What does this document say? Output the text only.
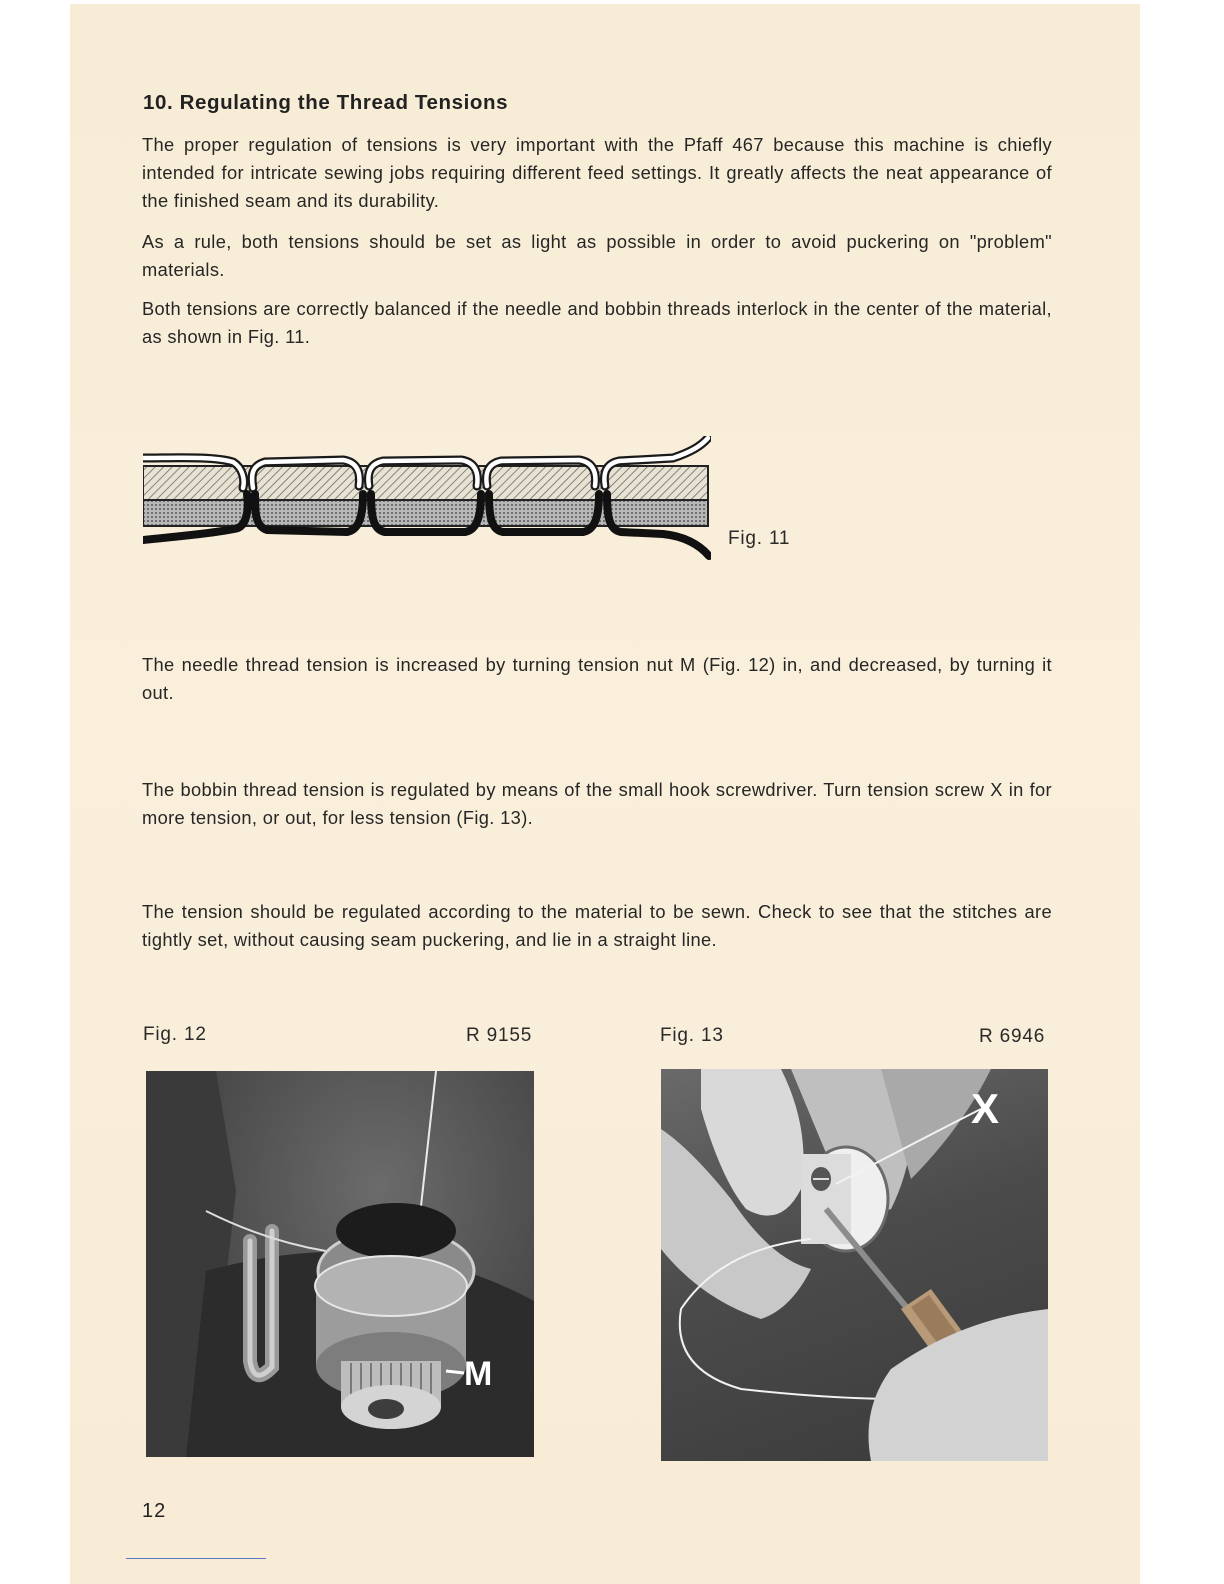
10. Regulating the Thread Tensions

The proper regulation of tensions is very important with the Pfaff 467 because this machine is chiefly intended for intricate sewing jobs requiring different feed settings. It greatly affects the neat appearance of the finished seam and its durability.

As a rule, both tensions should be set as light as possible in order to avoid puckering on "problem" materials.

Both tensions are correctly balanced if the needle and bobbin threads interlock in the center of the material, as shown in Fig. 11.

Fig. 11

The needle thread tension is increased by turning tension nut M (Fig. 12) in, and decreased, by turning it out.

The bobbin thread tension is regulated by means of the small hook screwdriver. Turn tension screw X in for more tension, or out, for less tension (Fig. 13).

The tension should be regulated according to the material to be sewn. Check to see that the stitches are tightly set, without causing seam puckering, and lie in a straight line.

Fig. 12	R 9155	Fig. 13	R 6946
M
X
12
